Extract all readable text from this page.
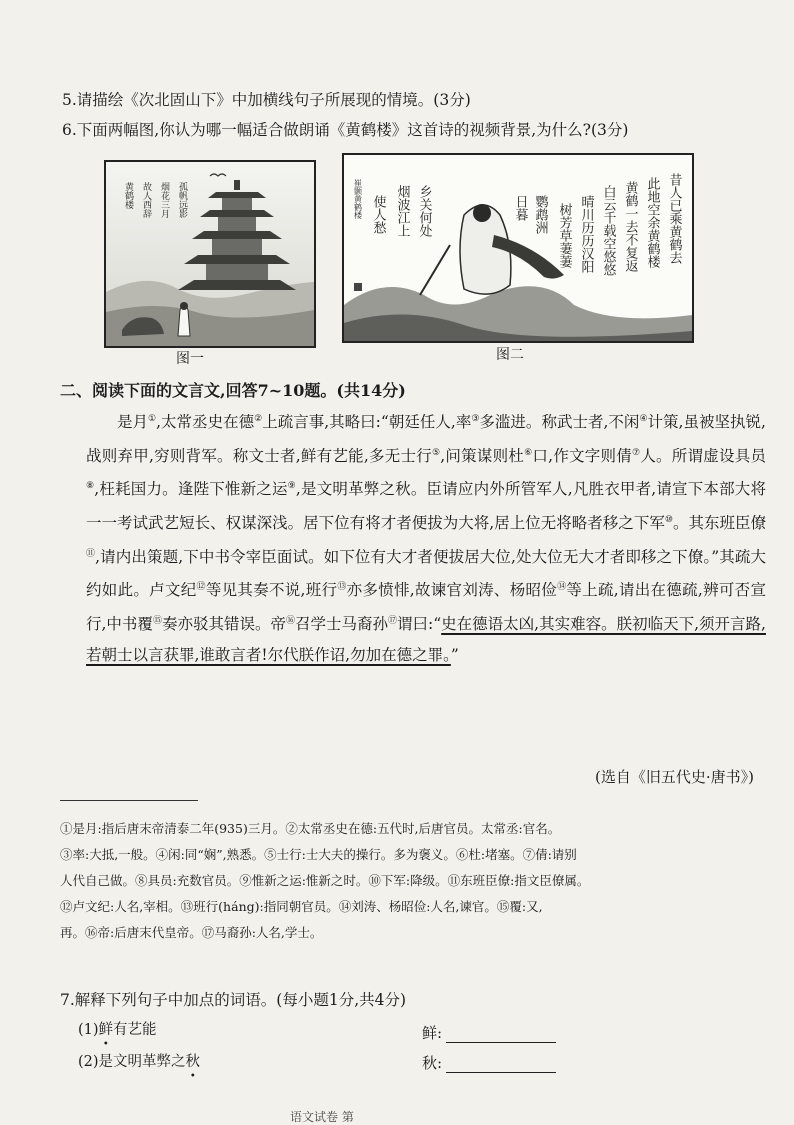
5.请描绘《次北固山下》中加横线句子所展现的情境。(3分)
6.下面两幅图,你认为哪一幅适合做朗诵《黄鹤楼》这首诗的视频背景,为什么?(3分)
黄鹤楼 故人西辞 烟花三月 孤帆远影	昔人已乘黄鹤去
此地空余黄鹤楼
黄鹤一去不复返
白云千载空悠悠
晴川历历汉阳
树芳草萋萋
鹦鹉洲
日暮
乡关何处
烟波江上
使人愁
崔颢黄鹤楼
图一	图二
二、阅读下面的文言文,回答7~10题。(共14分)

是月①,太常丞史在德②上疏言事,其略曰:“朝廷任人,率③多滥进。称武士者,不闲④计策,虽被坚执锐,战则弃甲,穷则背军。称文士者,鲜有艺能,多无士行⑤,问策谋则杜⑥口,作文字则倩⑦人。所谓虚设具员⑧,枉耗国力。逢陛下惟新之运⑨,是文明革弊之秋。臣请应内外所管军人,凡胜衣甲者,请宣下本部大将一一考试武艺短长、权谋深浅。居下位有将才者便拔为大将,居上位无将略者移之下军⑩。其东班臣僚⑪,请内出策题,下中书令宰臣面试。如下位有大才者便拔居大位,处大位无大才者即移之下僚。”其疏大约如此。卢文纪⑫等见其奏不说,班行⑬亦多愤悱,故谏官刘涛、杨昭俭⑭等上疏,请出在德疏,辨可否宣行,中书覆⑮奏亦驳其错误。帝⑯召学士马裔孙⑰谓曰:“史在德语太凶,其实难容。朕初临天下,须开言路,若朝士以言获罪,谁敢言者!尔代朕作诏,勿加在德之罪。”

(选自《旧五代史·唐书》)
①是月:指后唐末帝清泰二年(935)三月。②太常丞史在德:五代时,后唐官员。太常丞:官名。
③率:大抵,一般。④闲:同“娴”,熟悉。⑤士行:士大夫的操行。多为褒义。⑥杜:堵塞。⑦倩:请别
人代自己做。⑧具员:充数官员。⑨惟新之运:惟新之时。⑩下军:降级。⑪东班臣僚:指文臣僚属。
⑫卢文纪:人名,宰相。⑬班行(háng):指同朝官员。⑭刘涛、杨昭俭:人名,谏官。⑮覆:又,
再。⑯帝:后唐末代皇帝。⑰马裔孙:人名,学士。
7.解释下列句子中加点的词语。(每小题1分,共4分)
(1)鲜有艺能
(2)是文明革弊之秋
鲜:
秋:
语文试卷 第
